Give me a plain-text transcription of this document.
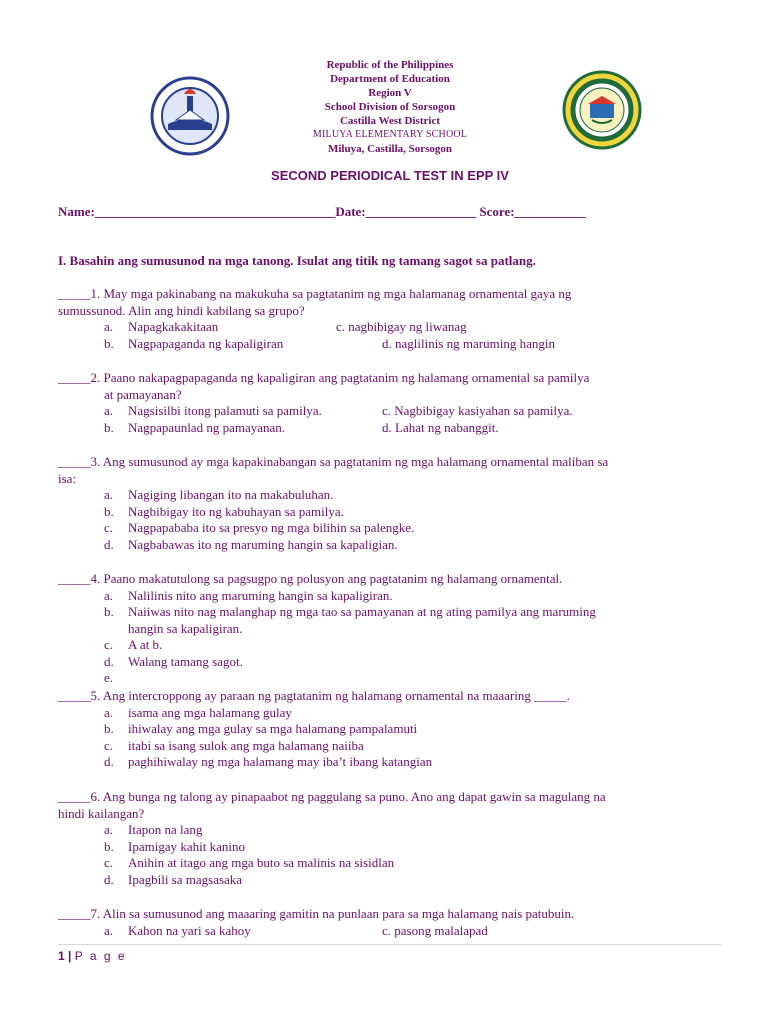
Republic of the Philippines
Department of Education
Region V
School Division of Sorsogon
Castilla West District
MILUYA ELEMENTARY SCHOOL
Miluya, Castilla, Sorsogon
SECOND PERIODICAL TEST IN EPP IV
Name:_____________________________________Date:_________________ Score:___________
I. Basahin ang sumusunod na mga tanong. Isulat ang titik ng tamang sagot sa patlang.
_____1. May mga pakinabang na makukuha sa pagtatanim ng mga halamanag ornamental gaya ng
sumussunod. Alin ang hindi kabilang sa grupo?
a. Napagkakakitaan	c. nagbibigay ng liwanag
b. Nagpapaganda ng kapaligiran	d. naglilinis ng maruming hangin
_____2. Paano nakapagpapaganda ng kapaligiran ang pagtatanim ng halamang ornamental sa pamilya
at pamayanan?
a. Nagsisilbi itong palamuti sa pamilya.	c. Nagbibigay kasiyahan sa pamilya.
b. Nagpapaunlad ng pamayanan.	d. Lahat ng nabanggit.
_____3. Ang sumusunod ay mga kapakinabangan sa pagtatanim ng mga halamang ornamental maliban sa
isa:
a. Nagiging libangan ito na makabuluhan.
b. Nagbibigay ito ng kabuhayan sa pamilya.
c. Nagpapababa ito sa presyo ng mga bilihin sa palengke.
d. Nagbabawas ito ng maruming hangin sa kapaligian.
_____4. Paano makatutulong sa pagsugpo ng polusyon ang pagtatanim ng halamang ornamental.
a. Nalilinis nito ang maruming hangin sa kapaligiran.
b. Naiiwas nito nag malanghap ng mga tao sa pamayanan at ng ating pamilya ang maruming
hangin sa kapaligiran.
c. A at b.
d. Walang tamang sagot.
e.
_____5. Ang intercroppong ay paraan ng pagtatanim ng halamang ornamental na maaaring _____.
a. isama ang mga halamang gulay
b. ihiwalay ang mga gulay sa mga halamang pampalamuti
c. itabi sa isang sulok ang mga halamang naiiba
d. paghihiwalay ng mga halamang may iba’t ibang katangian
_____6. Ang bunga ng talong ay pinapaabot ng paggulang sa puno. Ano ang dapat gawin sa magulang na
hindi kailangan?
a. Itapon na lang
b. Ipamigay kahit kanino
c. Anihin at itago ang mga buto sa malinis na sisidlan
d. Ipagbili sa magsasaka
_____7. Alin sa sumusunod ang maaaring gamitin na punlaan para sa mga halamang nais patubuin.
a. Kahon na yari sa kahoy	c. pasong malalapad
1 | P a g e
